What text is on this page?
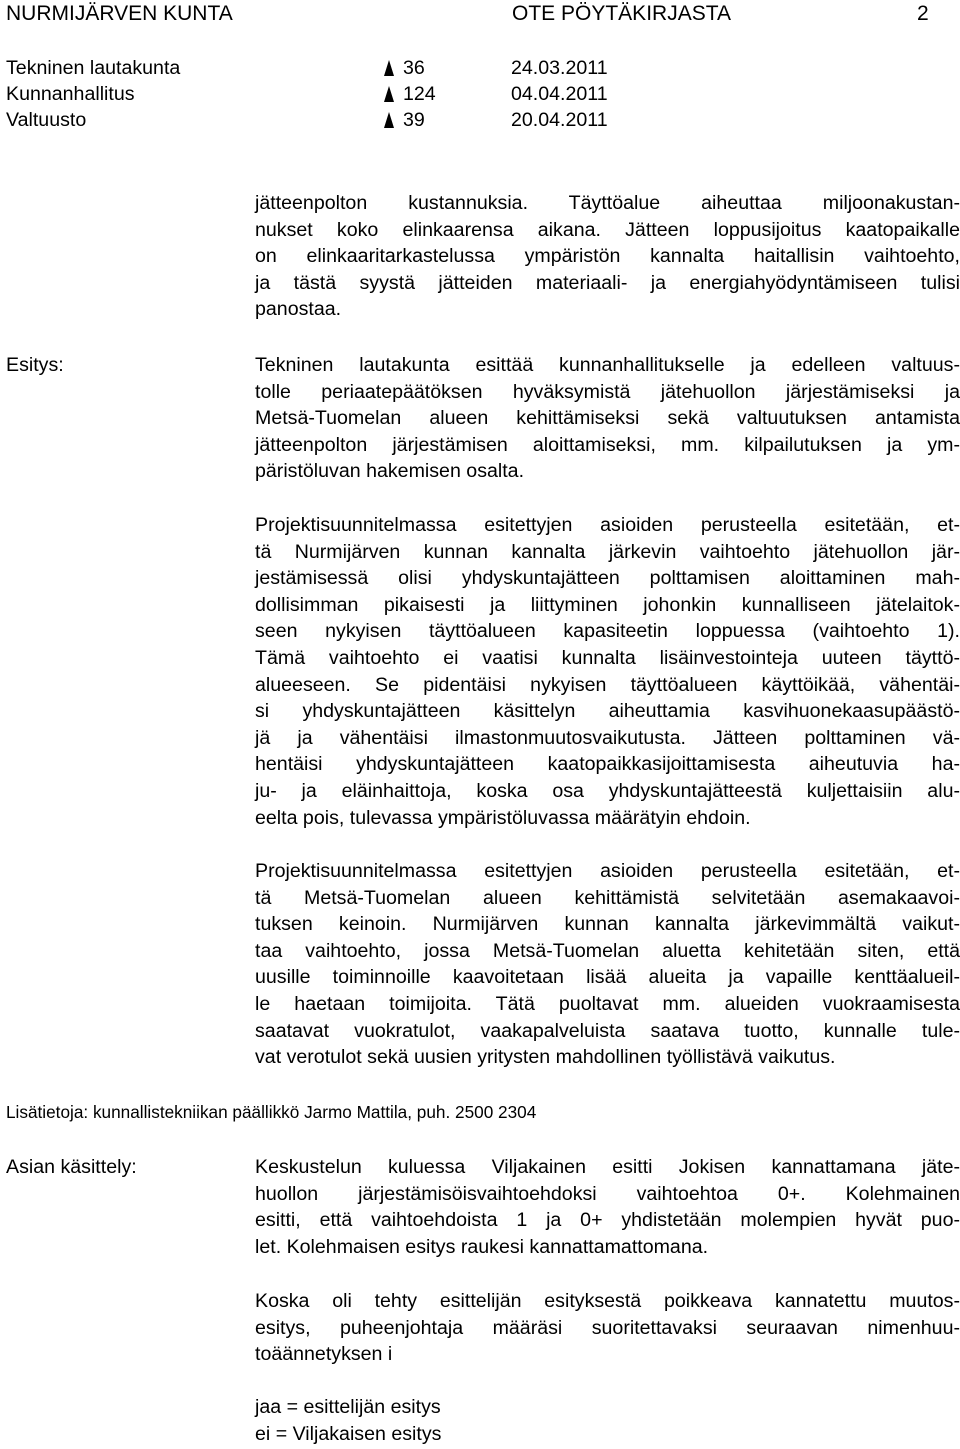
NURMIJÄRVEN KUNTA	OTE PÖYTÄKIRJASTA	2
Tekninen lautakunta	36	24.03.2011
Kunnanhallitus	124	04.04.2011
Valtuusto	39	20.04.2011
jätteenpolton kustannuksia. Täyttöalue aiheuttaa miljoonakustan-
nukset koko elinkaarensa aikana. Jätteen loppusijoitus kaatopaikalle
on elinkaaritarkastelussa ympäristön kannalta haitallisin vaihtoehto,
ja tästä syystä jätteiden materiaali- ja energiahyödyntämiseen tulisi
panostaa.
Esitys:	Tekninen lautakunta esittää kunnanhallitukselle ja edelleen valtuus-
tolle periaatepäätöksen hyväksymistä jätehuollon järjestämiseksi ja
Metsä-Tuomelan alueen kehittämiseksi sekä valtuutuksen antamista
jätteenpolton järjestämisen aloittamiseksi, mm. kilpailutuksen ja ym-
päristöluvan hakemisen osalta.
Projektisuunnitelmassa esitettyjen asioiden perusteella esitetään, et-
tä Nurmijärven kunnan kannalta järkevin vaihtoehto jätehuollon jär-
jestämisessä olisi yhdyskuntajätteen polttamisen aloittaminen mah-
dollisimman pikaisesti ja liittyminen johonkin kunnalliseen jätelaitok-
seen nykyisen täyttöalueen kapasiteetin loppuessa (vaihtoehto 1).
Tämä vaihtoehto ei vaatisi kunnalta lisäinvestointeja uuteen täyttö-
alueeseen. Se pidentäisi nykyisen täyttöalueen käyttöikää, vähentäi-
si yhdyskuntajätteen käsittelyn aiheuttamia kasvihuonekaasupäästö-
jä ja vähentäisi ilmastonmuutosvaikutusta. Jätteen polttaminen vä-
hentäisi yhdyskuntajätteen kaatopaikkasijoittamisesta aiheutuvia ha-
ju- ja eläinhaittoja, koska osa yhdyskuntajätteestä kuljettaisiin alu-
eelta pois, tulevassa ympäristöluvassa määrätyin ehdoin.
Projektisuunnitelmassa esitettyjen asioiden perusteella esitetään, et-
tä Metsä-Tuomelan alueen kehittämistä selvitetään asemakaavoi-
tuksen keinoin. Nurmijärven kunnan kannalta järkevimmältä vaikut-
taa vaihtoehto, jossa Metsä-Tuomelan aluetta kehitetään siten, että
uusille toiminnoille kaavoitetaan lisää alueita ja vapaille kenttäalueil-
le haetaan toimijoita. Tätä puoltavat mm. alueiden vuokraamisesta
saatavat vuokratulot, vaakapalveluista saatava tuotto, kunnalle tule-
vat verotulot sekä uusien yritysten mahdollinen työllistävä vaikutus.
Lisätietoja: kunnallistekniikan päällikkö Jarmo Mattila, puh. 2500 2304
Asian käsittely:	Keskustelun kuluessa Viljakainen esitti Jokisen kannattamana jäte-
huollon järjestämisöisvaihtoehdoksi vaihtoehtoa 0+. Kolehmainen
esitti, että vaihtoehdoista 1 ja 0+ yhdistetään molempien hyvät puo-
let. Kolehmaisen esitys raukesi kannattamattomana.
Koska oli tehty esittelijän esityksestä poikkeava kannatettu muutos-
esitys, puheenjohtaja määräsi suoritettavaksi seuraavan nimenhuu-
toäännetyksen i
jaa = esittelijän esitys
ei = Viljakaisen esitys
